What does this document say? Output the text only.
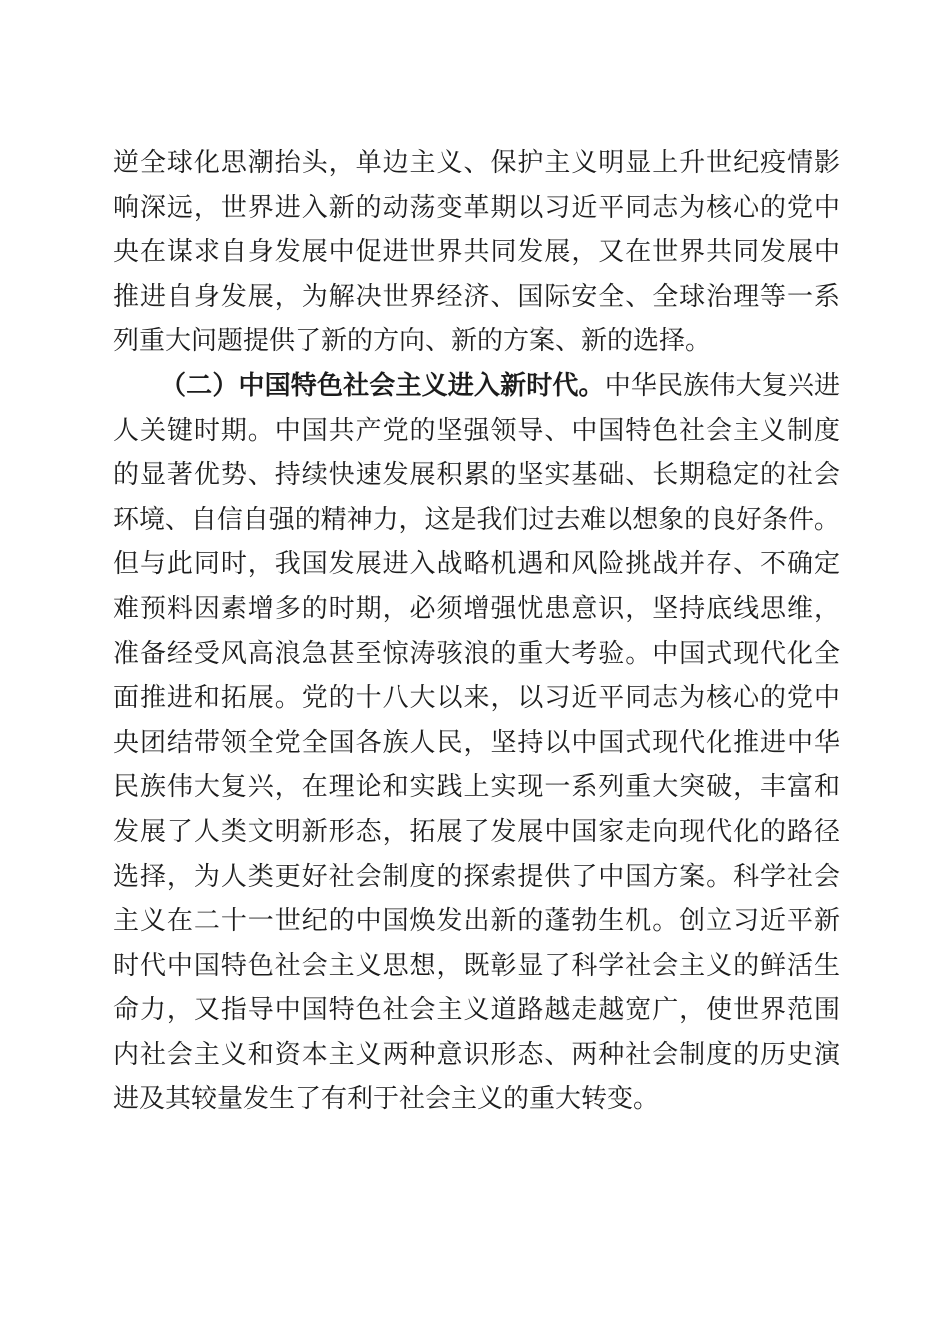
逆全球化思潮抬头，单边主义、保护主义明显上升世纪疫情影
响深远，世界进入新的动荡变革期以习近平同志为核心的党中
央在谋求自身发展中促进世界共同发展，又在世界共同发展中
推进自身发展，为解决世界经济、国际安全、全球治理等一系
列重大问题提供了新的方向、新的方案、新的选择。
（二）中国特色社会主义进入新时代。中华民族伟大复兴进
人关键时期。中国共产党的坚强领导、中国特色社会主义制度
的显著优势、持续快速发展积累的坚实基础、长期稳定的社会
环境、自信自强的精神力，这是我们过去难以想象的良好条件。
但与此同时，我国发展进入战略机遇和风险挑战并存、不确定
难预料因素增多的时期，必须增强忧患意识，坚持底线思维，
准备经受风高浪急甚至惊涛骇浪的重大考验。中国式现代化全
面推进和拓展。党的十八大以来，以习近平同志为核心的党中
央团结带领全党全国各族人民，坚持以中国式现代化推进中华
民族伟大复兴，在理论和实践上实现一系列重大突破，丰富和
发展了人类文明新形态，拓展了发展中国家走向现代化的路径
选择，为人类更好社会制度的探索提供了中国方案。科学社会
主义在二十一世纪的中国焕发出新的蓬勃生机。创立习近平新
时代中国特色社会主义思想，既彰显了科学社会主义的鲜活生
命力，又指导中国特色社会主义道路越走越宽广，使世界范围
内社会主义和资本主义两种意识形态、两种社会制度的历史演
进及其较量发生了有利于社会主义的重大转变。
